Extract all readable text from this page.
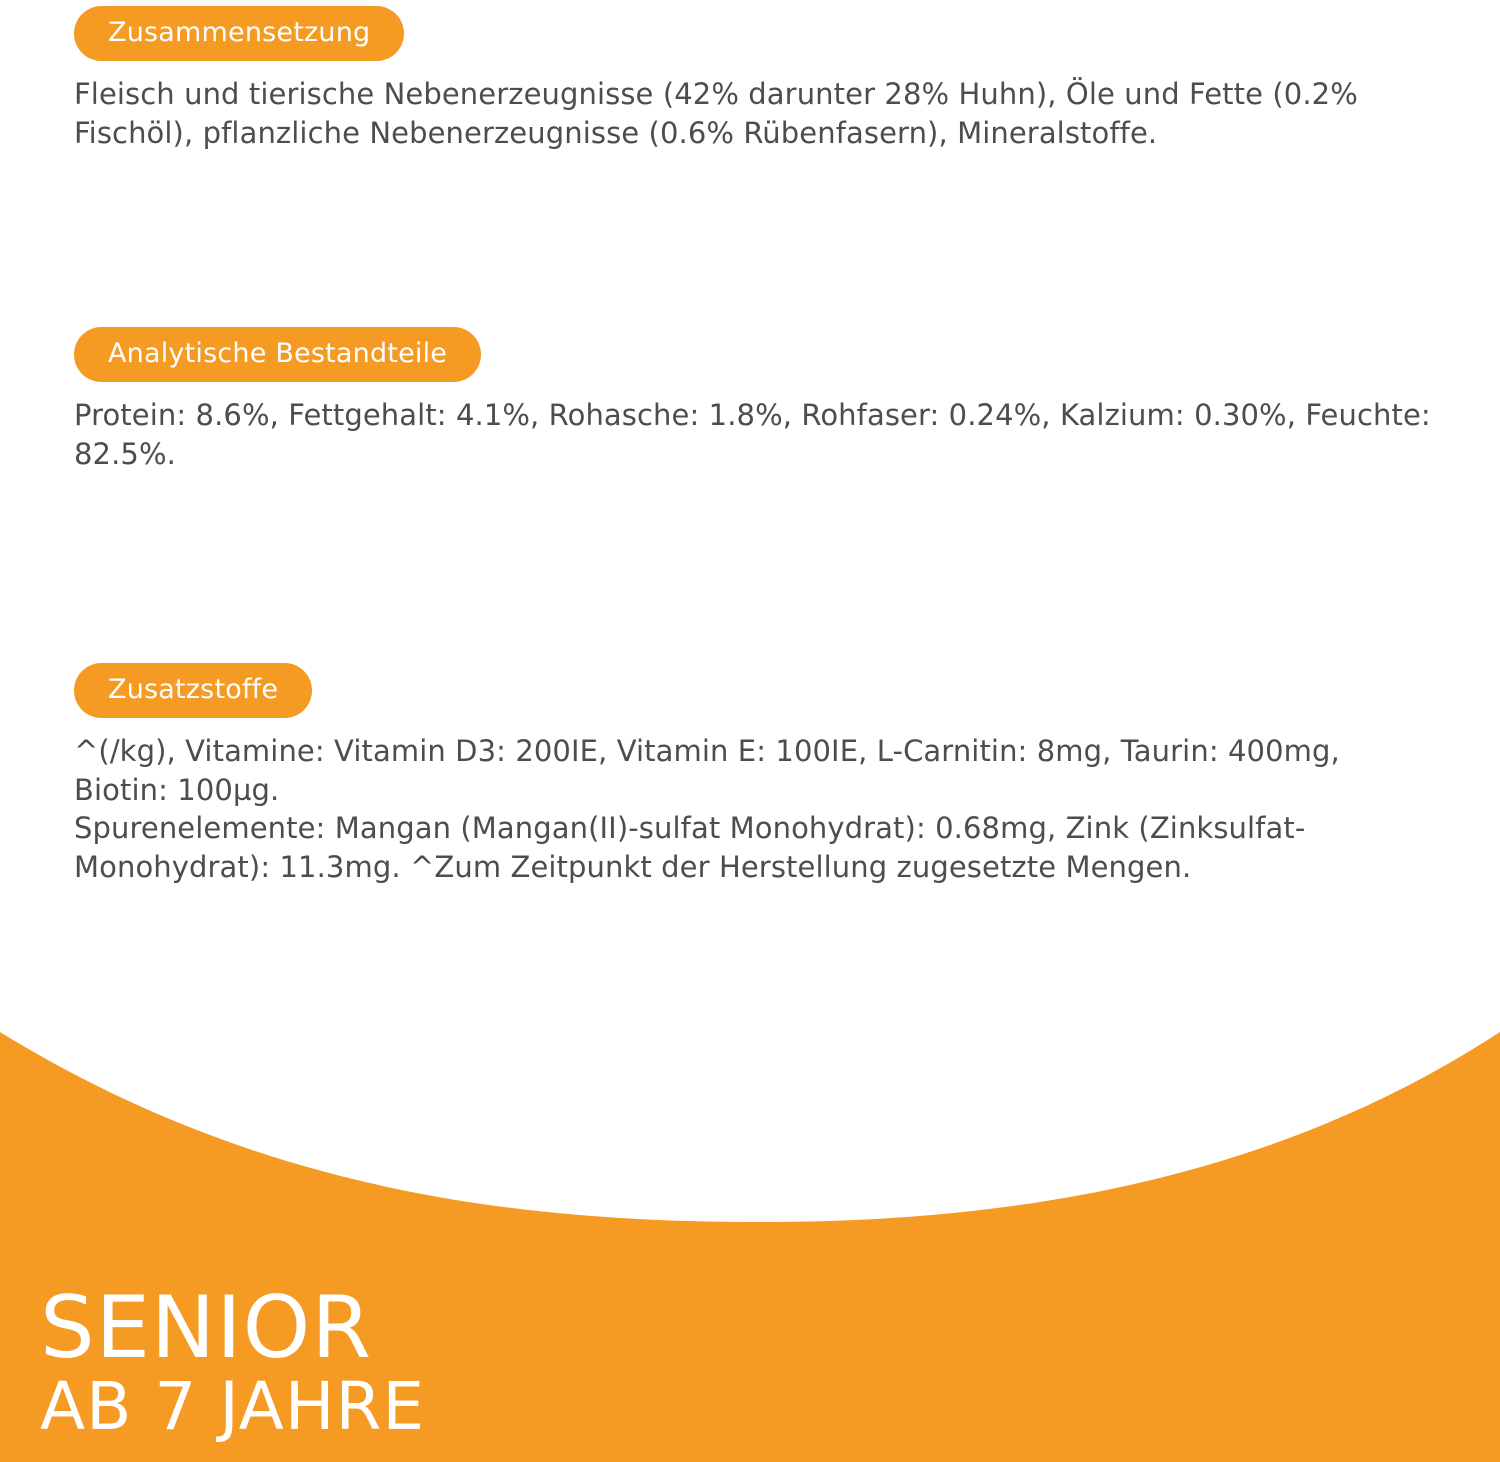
Zusammensetzung

Fleisch und tierische Nebenerzeugnisse (42% darunter 28% Huhn), Öle und Fette (0.2% Fischöl), pflanzliche Nebenerzeugnisse (0.6% Rübenfasern), Mineralstoffe.

Analytische Bestandteile

Protein: 8.6%, Fettgehalt: 4.1%, Rohasche: 1.8%, Rohfaser: 0.24%, Kalzium: 0.30%, Feuchte: 82.5%.

Zusatzstoffe

^(/kg), Vitamine: Vitamin D3: 200IE, Vitamin E: 100IE, L-Carnitin: 8mg, Taurin: 400mg, Biotin: 100µg.

Spurenelemente: Mangan (Mangan(II)-sulfat Monohydrat): 0.68mg, Zink (Zinksulfat-Monohydrat): 11.3mg. ^Zum Zeitpunkt der Herstellung zugesetzte Mengen.

SENIOR
AB 7 JAHRE
